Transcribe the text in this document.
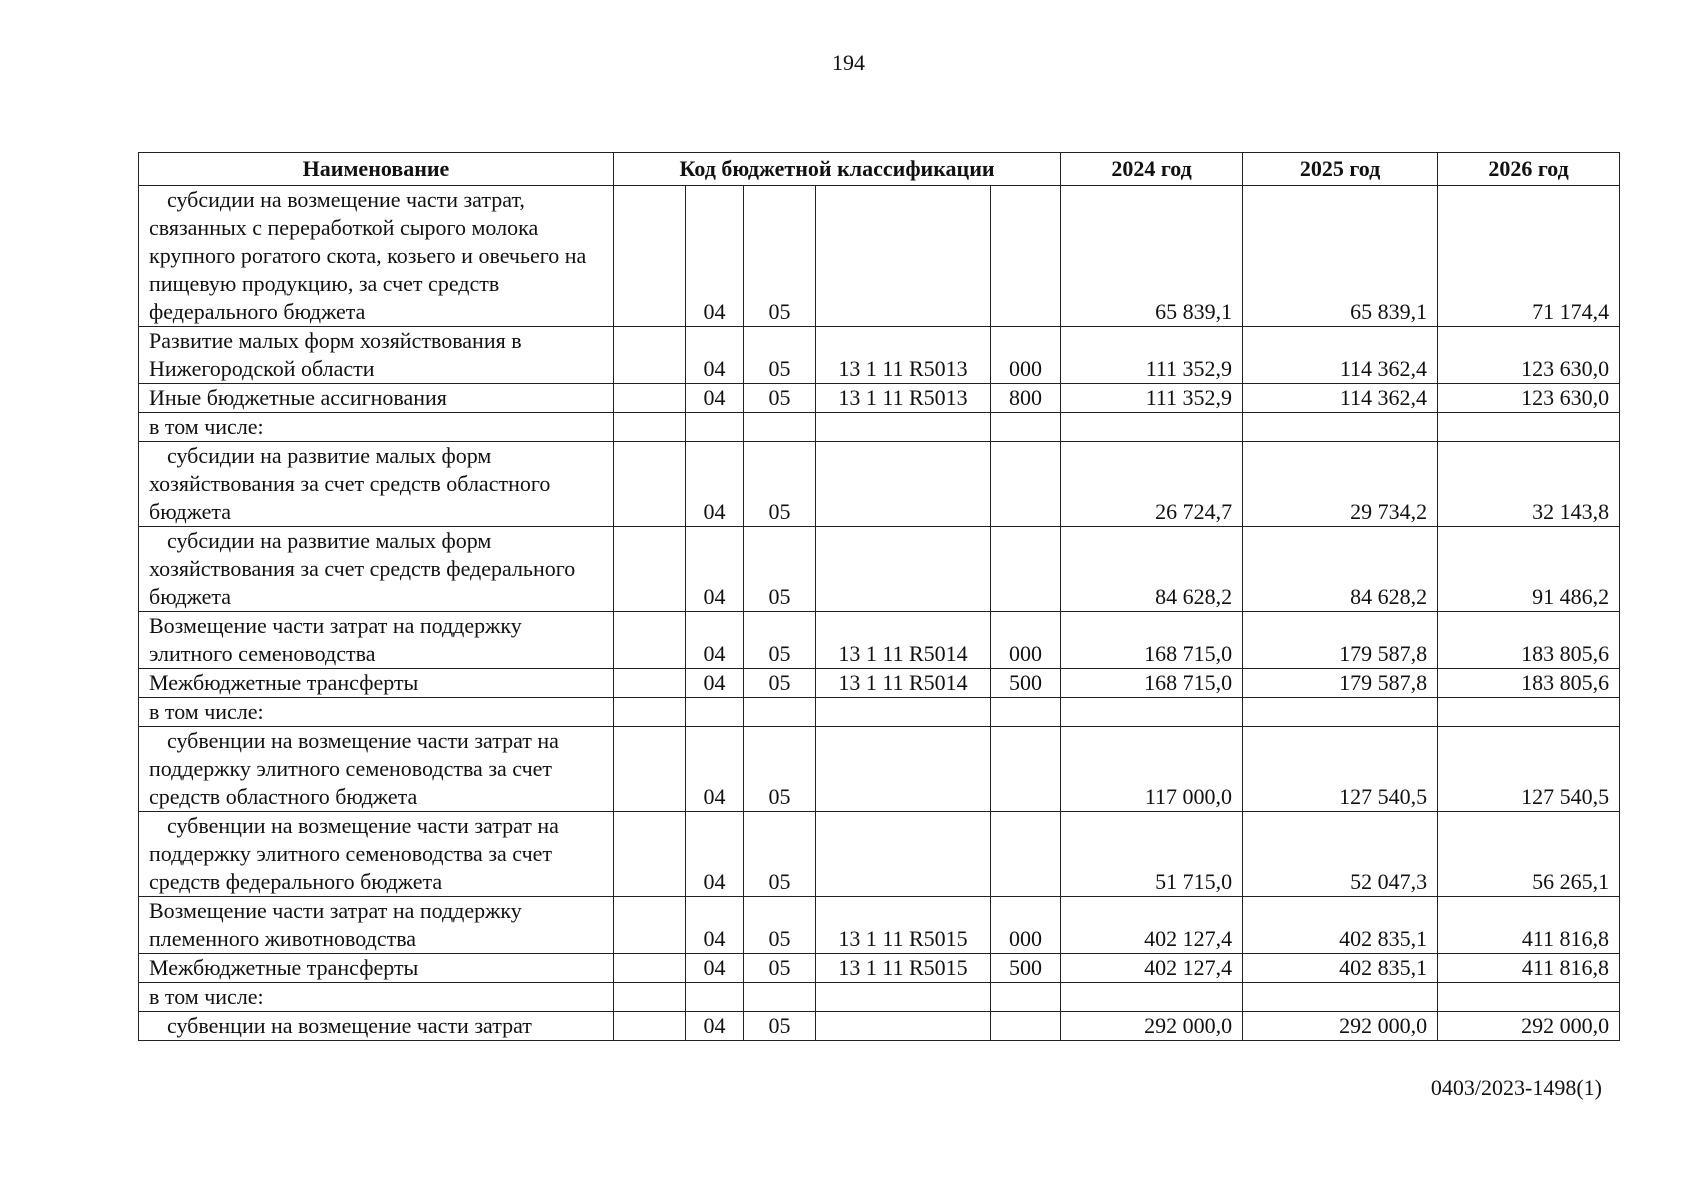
194
Наименование	Код бюджетной классификации					2024 год	2025 год	2026 год
субсидии на возмещение части затрат, связанных с переработкой сырого молока крупного рогатого скота, козьего и овечьего на пищевую продукцию, за счет средств федерального бюджета		04	05			65 839,1	65 839,1	71 174,4
Развитие малых форм хозяйствования в Нижегородской области		04	05	13 1 11 R5013	000	111 352,9	114 362,4	123 630,0
Иные бюджетные ассигнования		04	05	13 1 11 R5013	800	111 352,9	114 362,4	123 630,0
в том числе:								
субсидии на развитие малых форм хозяйствования за счет средств областного бюджета		04	05			26 724,7	29 734,2	32 143,8
субсидии на развитие малых форм хозяйствования за счет средств федерального бюджета		04	05			84 628,2	84 628,2	91 486,2
Возмещение части затрат на поддержку элитного семеноводства		04	05	13 1 11 R5014	000	168 715,0	179 587,8	183 805,6
Межбюджетные трансферты		04	05	13 1 11 R5014	500	168 715,0	179 587,8	183 805,6
в том числе:								
субвенции на возмещение части затрат на поддержку элитного семеноводства за счет средств областного бюджета		04	05			117 000,0	127 540,5	127 540,5
субвенции на возмещение части затрат на поддержку элитного семеноводства за счет средств федерального бюджета		04	05			51 715,0	52 047,3	56 265,1
Возмещение части затрат на поддержку племенного животноводства		04	05	13 1 11 R5015	000	402 127,4	402 835,1	411 816,8
Межбюджетные трансферты		04	05	13 1 11 R5015	500	402 127,4	402 835,1	411 816,8
в том числе:								
субвенции на возмещение части затрат		04	05			292 000,0	292 000,0	292 000,0
0403/2023-1498(1)
